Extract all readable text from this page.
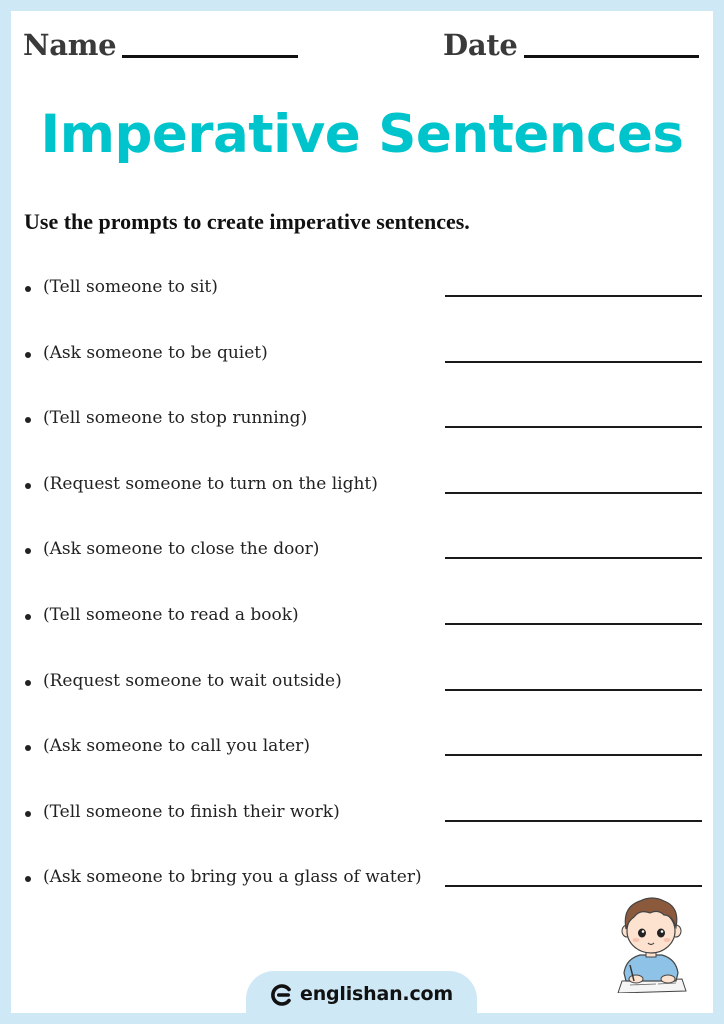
Name	Date
Imperative Sentences
Use the prompts to create imperative sentences.
(Tell someone to sit)
(Ask someone to be quiet)
(Tell someone to stop running)
(Request someone to turn on the light)
(Ask someone to close the door)
(Tell someone to read a book)
(Request someone to wait outside)
(Ask someone to call you later)
(Tell someone to finish their work)
(Ask someone to bring you a glass of water)
englishan.com
